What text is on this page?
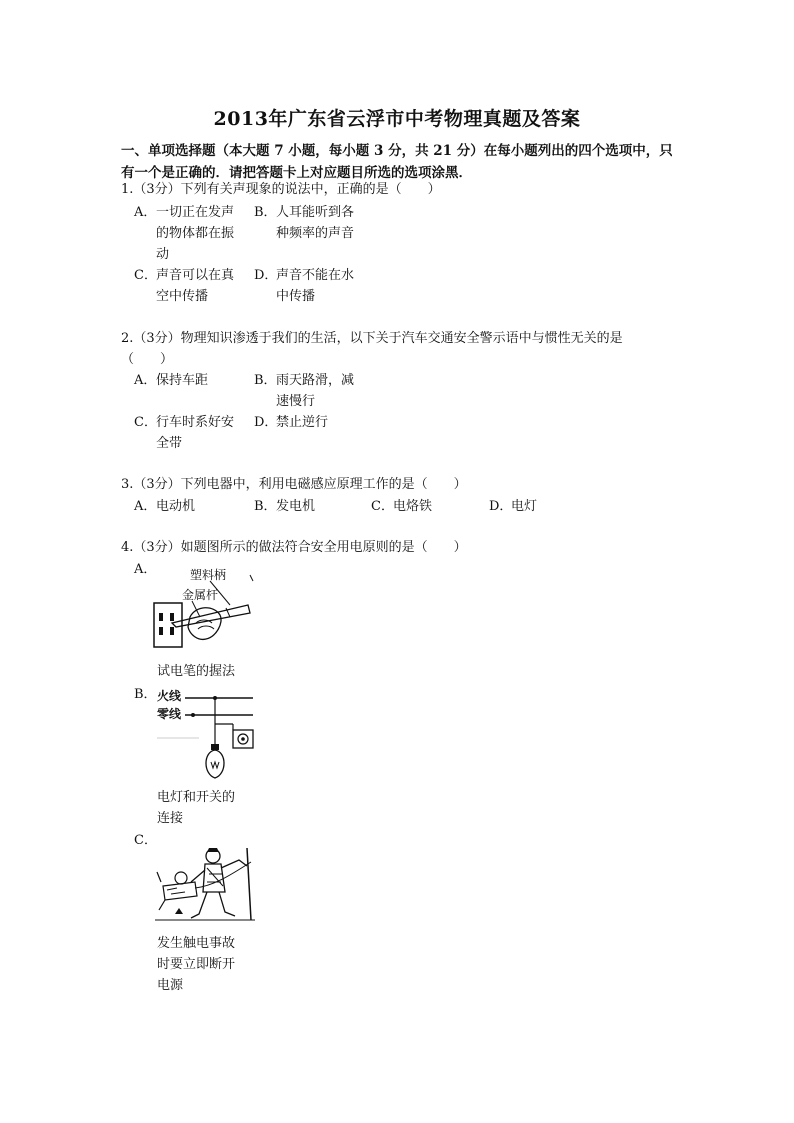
2013年广东省云浮市中考物理真题及答案
一、单项选择题（本大题 7 小题，每小题 3 分，共 21 分）在每小题列出的四个选项中，只
有一个是正确的．请把答题卡上对应题目所选的选项涂黑．
1.（3分）下列有关声现象的说法中，正确的是（　　）
A． 一切正在发声
的物体都在振
动
B． 人耳能听到各
种频率的声音
C． 声音可以在真
空中传播
D．
声音不能在水
中传播
2.（3分）物理知识渗透于我们的生活，以下关于汽车交通安全警示语中与惯性无关的是
（　　）
A． 保持车距	B． 雨天路滑，减
速慢行
C． 行车时系好安
全带
D．
禁止逆行
3.（3分）下列电器中，利用电磁感应原理工作的是（　　）
A．电动机	B．发电机	C．电烙铁	D．电灯
4.（3分）如题图所示的做法符合安全用电原则的是（　　）
A．	塑料柄
金属杆
试电笔的握法
B． 火线
零线
电灯和开关的
连接
C．
发生触电事故
时要立即断开
电源
